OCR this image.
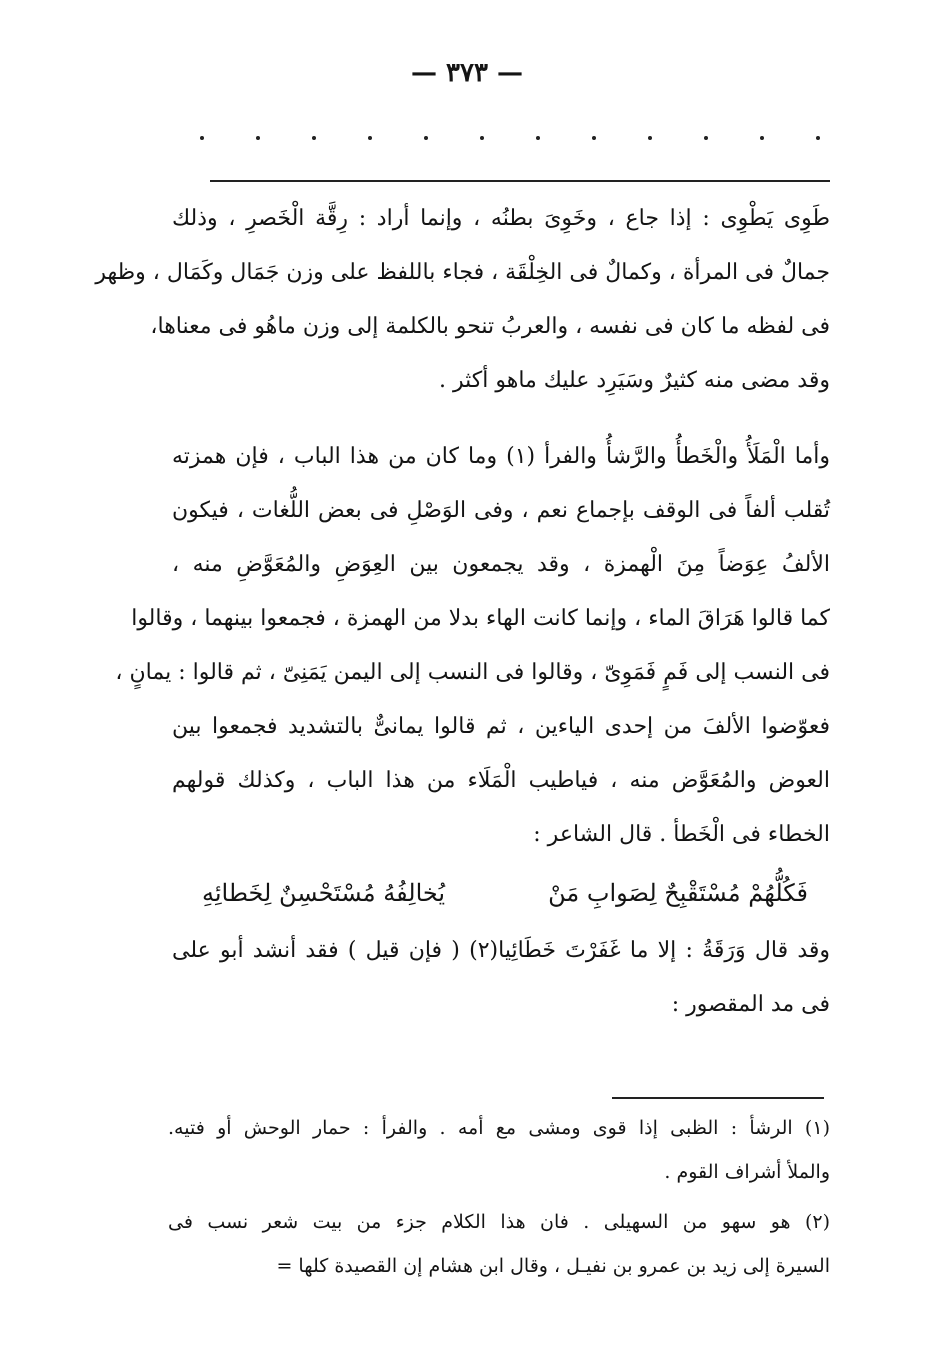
— ٣٧٣ —
طَوِى يَطْوِى : إذا جاع ، وخَوِىَ بطنُه ، وإنما أراد : رِقَّة الْخَصرِ ، وذلك
جمالٌ فى المرأة ، وكمالٌ فى الخِلْقَة ، فجاء باللفظ على وزن جَمَال وكَمَال ، وظهر
فى لفظه ما كان فى نفسه ، والعربُ تنحو بالكلمة إلى وزن ماهُو فى معناها،
وقد مضى منه كثيرٌ وسَيَرِد عليك ماهو أكثر .
وأما الْمَلَأُ والْخَطأُ والرَّشأُ والفرأ (١) وما كان من هذا الباب ، فإن همزته
تُقلب ألفاً فى الوقف بإجماع نعم ، وفى الوَصْلِ فى بعض اللُّغات ، فيكون
الألفُ عِوَضاً مِنَ الْهمزة ، وقد يجمعون بين العِوَضِ والمُعَوَّضِ منه ،
كما قالوا هَرَاقَ الماء ، وإنما كانت الهاء بدلا من الهمزة ، فجمعوا بينهما ، وقالوا
فى النسب إلى فَمٍ فَمَوِىّ ، وقالوا فى النسب إلى اليمن يَمَنِىّ ، ثم قالوا : يمانٍ ،
فعوّضوا الألفَ من إحدى الياءين ، ثم قالوا يمانىٌّ بالتشديد فجمعوا بين
العوض والمُعَوَّض منه ، فياطيب الْمَلَاء من هذا الباب ، وكذلك قولهم
الخطاء فى الْخَطأ . قال الشاعر :
فَكُلُّهُمْ مُسْتَقْبِحٌ لِصَوابِ مَنْ
يُخالِفُهُ مُسْتَحْسِنٌ لِخَطائِهِ
وقد قال وَرَقَةُ : إلا ما غَفَرْتَ خَطَائِيا(٢) ( فإن قيل ) فقد أنشد أبو على
فى مد المقصور :
(١) الرشأ : الظبى إذا قوى ومشى مع أمه . والفرأ : حمار الوحش أو فتيه.
والملأ أشراف القوم .
(٢) هو سهو من السهيلى . فان هذا الكلام جزء من بيت شعر نسب فى
السيرة إلى زيد بن عمرو بن نفيـل ، وقال ابن هشام إن القصيدة كلها =
